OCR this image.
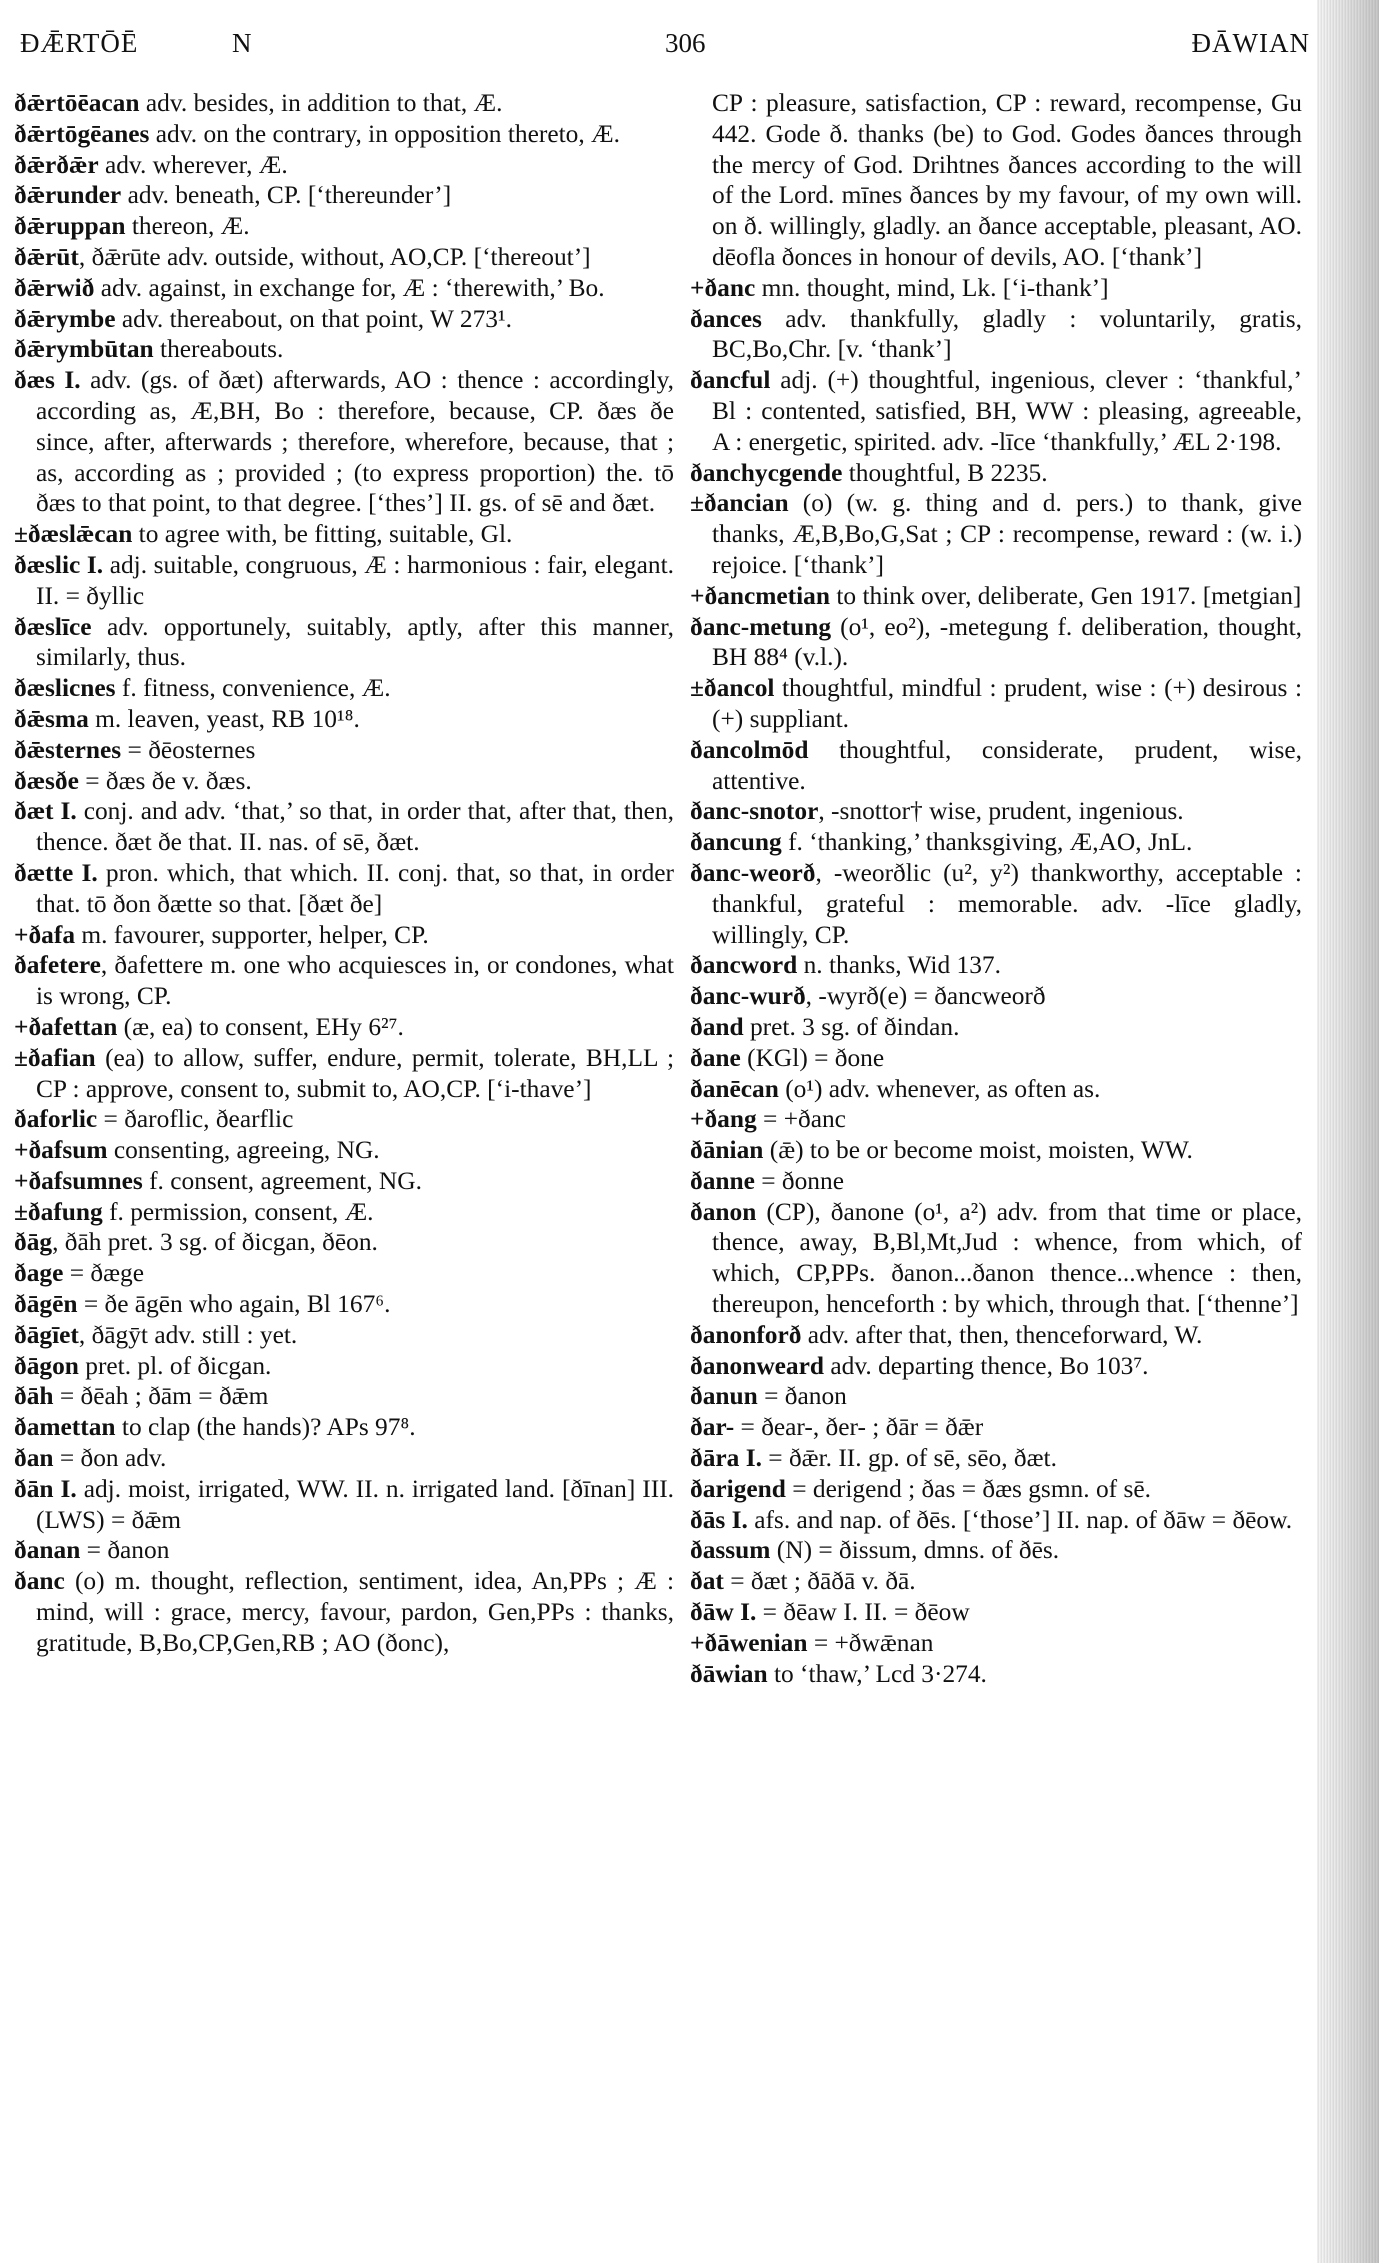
ÐǢRTŌĒ	N	306	ÐĀWIAN

ðǣrtōēacan adv. besides, in addition to that, Æ.

ðǣrtōgēanes adv. on the contrary, in opposition thereto, Æ.

ðǣrðǣr adv. wherever, Æ.

ðǣrunder adv. beneath, CP. [‘thereunder’]

ðǣruppan thereon, Æ.

ðǣrūt, ðǣrūte adv. outside, without, AO,CP. [‘thereout’]

ðǣrwið adv. against, in exchange for, Æ : ‘therewith,’ Bo.

ðǣrymbe adv. thereabout, on that point, W 273¹.

ðǣrymbūtan thereabouts.

ðæs I. adv. (gs. of ðæt) afterwards, AO : thence : accordingly, according as, Æ,BH, Bo : therefore, because, CP. ðæs ðe since, after, afterwards ; therefore, wherefore, because, that ; as, according as ; provided ; (to express proportion) the. tō ðæs to that point, to that degree. [‘thes’] II. gs. of sē and ðæt.

±ðæslǣcan to agree with, be fitting, suitable, Gl.

ðæslic I. adj. suitable, congruous, Æ : harmonious : fair, elegant. II. = ðyllic

ðæslīce adv. opportunely, suitably, aptly, after this manner, similarly, thus.

ðæslicnes f. fitness, convenience, Æ.

ðǣsma m. leaven, yeast, RB 10¹⁸.

ðǣsternes = ðēosternes

ðæsðe = ðæs ðe v. ðæs.

ðæt I. conj. and adv. ‘that,’ so that, in order that, after that, then, thence. ðæt ðe that. II. nas. of sē, ðæt.

ðætte I. pron. which, that which. II. conj. that, so that, in order that. tō ðon ðætte so that. [ðæt ðe]

+ðafa m. favourer, supporter, helper, CP.

ðafetere, ðafettere m. one who acquiesces in, or condones, what is wrong, CP.

+ðafettan (æ, ea) to consent, EHy 6²⁷.

±ðafian (ea) to allow, suffer, endure, permit, tolerate, BH,LL ; CP : approve, consent to, submit to, AO,CP. [‘i-thave’]

ðaforlic = ðaroflic, ðearflic

+ðafsum consenting, agreeing, NG.

+ðafsumnes f. consent, agreement, NG.

±ðafung f. permission, consent, Æ.

ðāg, ðāh pret. 3 sg. of ðicgan, ðēon.

ðage = ðæge

ðāgēn = ðe āgēn who again, Bl 167⁶.

ðāgīet, ðāgȳt adv. still : yet.

ðāgon pret. pl. of ðicgan.

ðāh = ðēah ; ðām = ðǣm

ðamettan to clap (the hands)? APs 97⁸.

ðan = ðon adv.

ðān I. adj. moist, irrigated, WW. II. n. irrigated land. [ðīnan] III. (LWS) = ðǣm

ðanan = ðanon

ðanc (o) m. thought, reflection, sentiment, idea, An,PPs ; Æ : mind, will : grace, mercy, favour, pardon, Gen,PPs : thanks, gratitude, B,Bo,CP,Gen,RB ; AO (ðonc),

CP : pleasure, satisfaction, CP : reward, recompense, Gu 442. Gode ð. thanks (be) to God. Godes ðances through the mercy of God. Drihtnes ðances according to the will of the Lord. mīnes ðances by my favour, of my own will. on ð. willingly, gladly. an ðance acceptable, pleasant, AO. dēofla ðonces in honour of devils, AO. [‘thank’]

+ðanc mn. thought, mind, Lk. [‘i-thank’]

ðances adv. thankfully, gladly : voluntarily, gratis, BC,Bo,Chr. [v. ‘thank’]

ðancful adj. (+) thoughtful, ingenious, clever : ‘thankful,’ Bl : contented, satisfied, BH, WW : pleasing, agreeable, A : energetic, spirited. adv. -līce ‘thankfully,’ ÆL 2·198.

ðanchycgende thoughtful, B 2235.

±ðancian (o) (w. g. thing and d. pers.) to thank, give thanks, Æ,B,Bo,G,Sat ; CP : recompense, reward : (w. i.) rejoice. [‘thank’]

+ðancmetian to think over, deliberate, Gen 1917. [metgian]

ðanc-metung (o¹, eo²), -metegung f. deliberation, thought, BH 88⁴ (v.l.).

±ðancol thoughtful, mindful : prudent, wise : (+) desirous : (+) suppliant.

ðancolmōd thoughtful, considerate, prudent, wise, attentive.

ðanc-snotor, -snottor† wise, prudent, ingenious.

ðancung f. ‘thanking,’ thanksgiving, Æ,AO, JnL.

ðanc-weorð, -weorðlic (u², y²) thankworthy, acceptable : thankful, grateful : memorable. adv. -līce gladly, willingly, CP.

ðancword n. thanks, Wid 137.

ðanc-wurð, -wyrð(e) = ðancweorð

ðand pret. 3 sg. of ðindan.

ðane (KGl) = ðone

ðanēcan (o¹) adv. whenever, as often as.

+ðang = +ðanc

ðānian (ǣ) to be or become moist, moisten, WW.

ðanne = ðonne

ðanon (CP), ðanone (o¹, a²) adv. from that time or place, thence, away, B,Bl,Mt,Jud : whence, from which, of which, CP,PPs. ðanon...ðanon thence...whence : then, thereupon, henceforth : by which, through that. [‘thenne’]

ðanonforð adv. after that, then, thenceforward, W.

ðanonweard adv. departing thence, Bo 103⁷.

ðanun = ðanon

ðar- = ðear-, ðer- ; ðār = ðǣr

ðāra I. = ðǣr. II. gp. of sē, sēo, ðæt.

ðarigend = derigend ; ðas = ðæs gsmn. of sē.

ðās I. afs. and nap. of ðēs. [‘those’] II. nap. of ðāw = ðēow.

ðassum (N) = ðissum, dmns. of ðēs.

ðat = ðæt ; ðāðā v. ðā.

ðāw I. = ðēaw I. II. = ðēow

+ðāwenian = +ðwǣnan

ðāwian to ‘thaw,’ Lcd 3·274.
